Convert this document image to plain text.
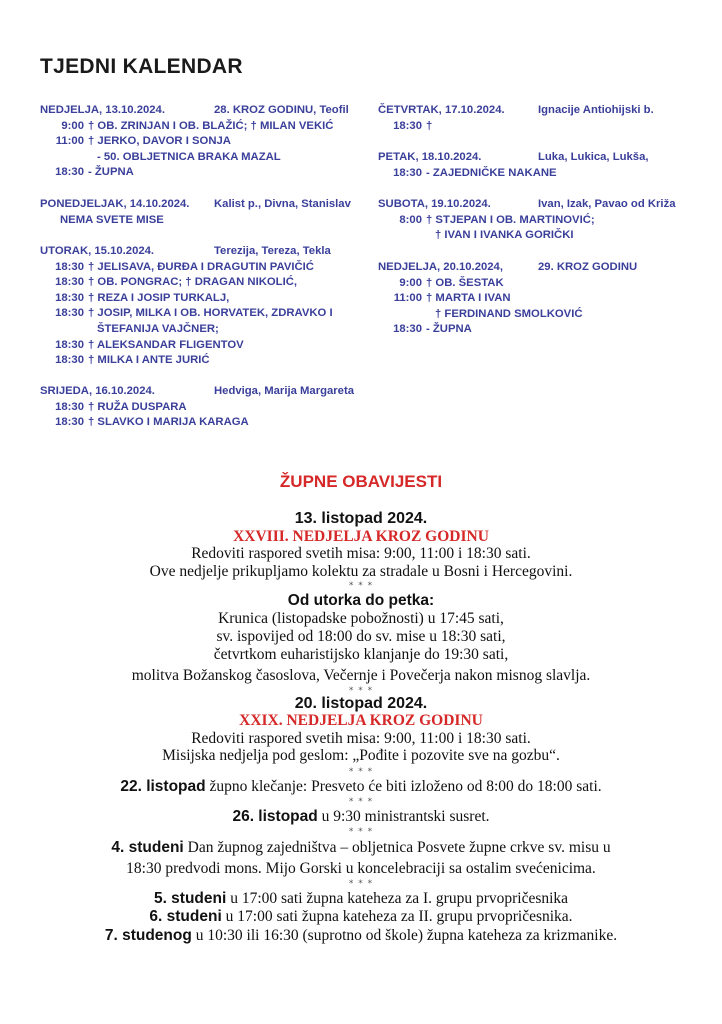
TJEDNI KALENDAR
NEDJELJA, 13.10.2024.	28. KROZ GODINU, Teofil
9:00 † OB. ZRINJAN I OB. BLAŽIĆ; † MILAN VEKIĆ
11:00 † JERKO, DAVOR I SONJA
- 50. OBLJETNICA BRAKA MAZAL
18:30 - ŽUPNA
PONEDJELJAK, 14.10.2024. Kalist p., Divna, Stanislav
NEMA SVETE MISE
UTORAK, 15.10.2024.	Terezija, Tereza, Tekla
18:30 † JELISAVA, ĐURĐA I DRAGUTIN PAVIČIĆ
18:30 † OB. PONGRAC; † DRAGAN NIKOLIĆ,
18:30 † REZA I JOSIP TURKALJ,
18:30 † JOSIP, MILKA I OB. HORVATEK, ZDRAVKO I
ŠTEFANIJA VAJČNER;
18:30 † ALEKSANDAR FLIGENTOV
18:30 † MILKA I ANTE JURIĆ
SRIJEDA, 16.10.2024.	Hedviga, Marija Margareta
18:30 † RUŽA DUSPARA
18:30 † SLAVKO I MARIJA KARAGA
ČETVRTAK, 17.10.2024.	Ignacije Antiohijski b.
18:30 †
PETAK, 18.10.2024.	Luka, Lukica, Lukša,
18:30 - ZAJEDNIČKE NAKANE
SUBOTA, 19.10.2024.	Ivan, Izak, Pavao od Križa
8:00 † STJEPAN I OB. MARTINOVIĆ;
† IVAN I IVANKA GORIČKI
NEDJELJA, 20.10.2024,	29. KROZ GODINU
9:00 † OB. ŠESTAK
11:00 † MARTA I IVAN
† FERDINAND SMOLKOVIĆ
18:30 - ŽUPNA
ŽUPNE OBAVIJESTI
13. listopad 2024.
XXVIII. NEDJELJA KROZ GODINU
Redoviti raspored svetih misa: 9:00, 11:00 i 18:30 sati.
Ove nedjelje prikupljamo kolektu za stradale u Bosni i Hercegovini.
* * *
Od utorka do petka:
Krunica (listopadske pobožnosti) u 17:45 sati,
sv. ispovijed od 18:00 do sv. mise u 18:30 sati,
četvrtkom euharistijsko klanjanje do 19:30 sati,
molitva Božanskog časoslova, Večernje i Povečerja nakon misnog slavlja.
* * *
20. listopad 2024.
XXIX. NEDJELJA KROZ GODINU
Redoviti raspored svetih misa: 9:00, 11:00 i 18:30 sati.
Misijska nedjelja pod geslom: „Pođite i pozovite sve na gozbu“.
* * *
22. listopad župno klečanje: Presveto će biti izloženo od 8:00 do 18:00 sati.
* * *
26. listopad u 9:30 ministrantski susret.
* * *
4. studeni Dan župnog zajedništva – obljetnica Posvete župne crkve sv. misu u
18:30 predvodi mons. Mijo Gorski u koncelebraciji sa ostalim svećenicima.
* * *
5. studeni u 17:00 sati župna kateheza za I. grupu prvopričesnika
6. studeni u 17:00 sati župna kateheza za II. grupu prvopričesnika.
7. studenog u 10:30 ili 16:30 (suprotno od škole) župna kateheza za krizmanike.
